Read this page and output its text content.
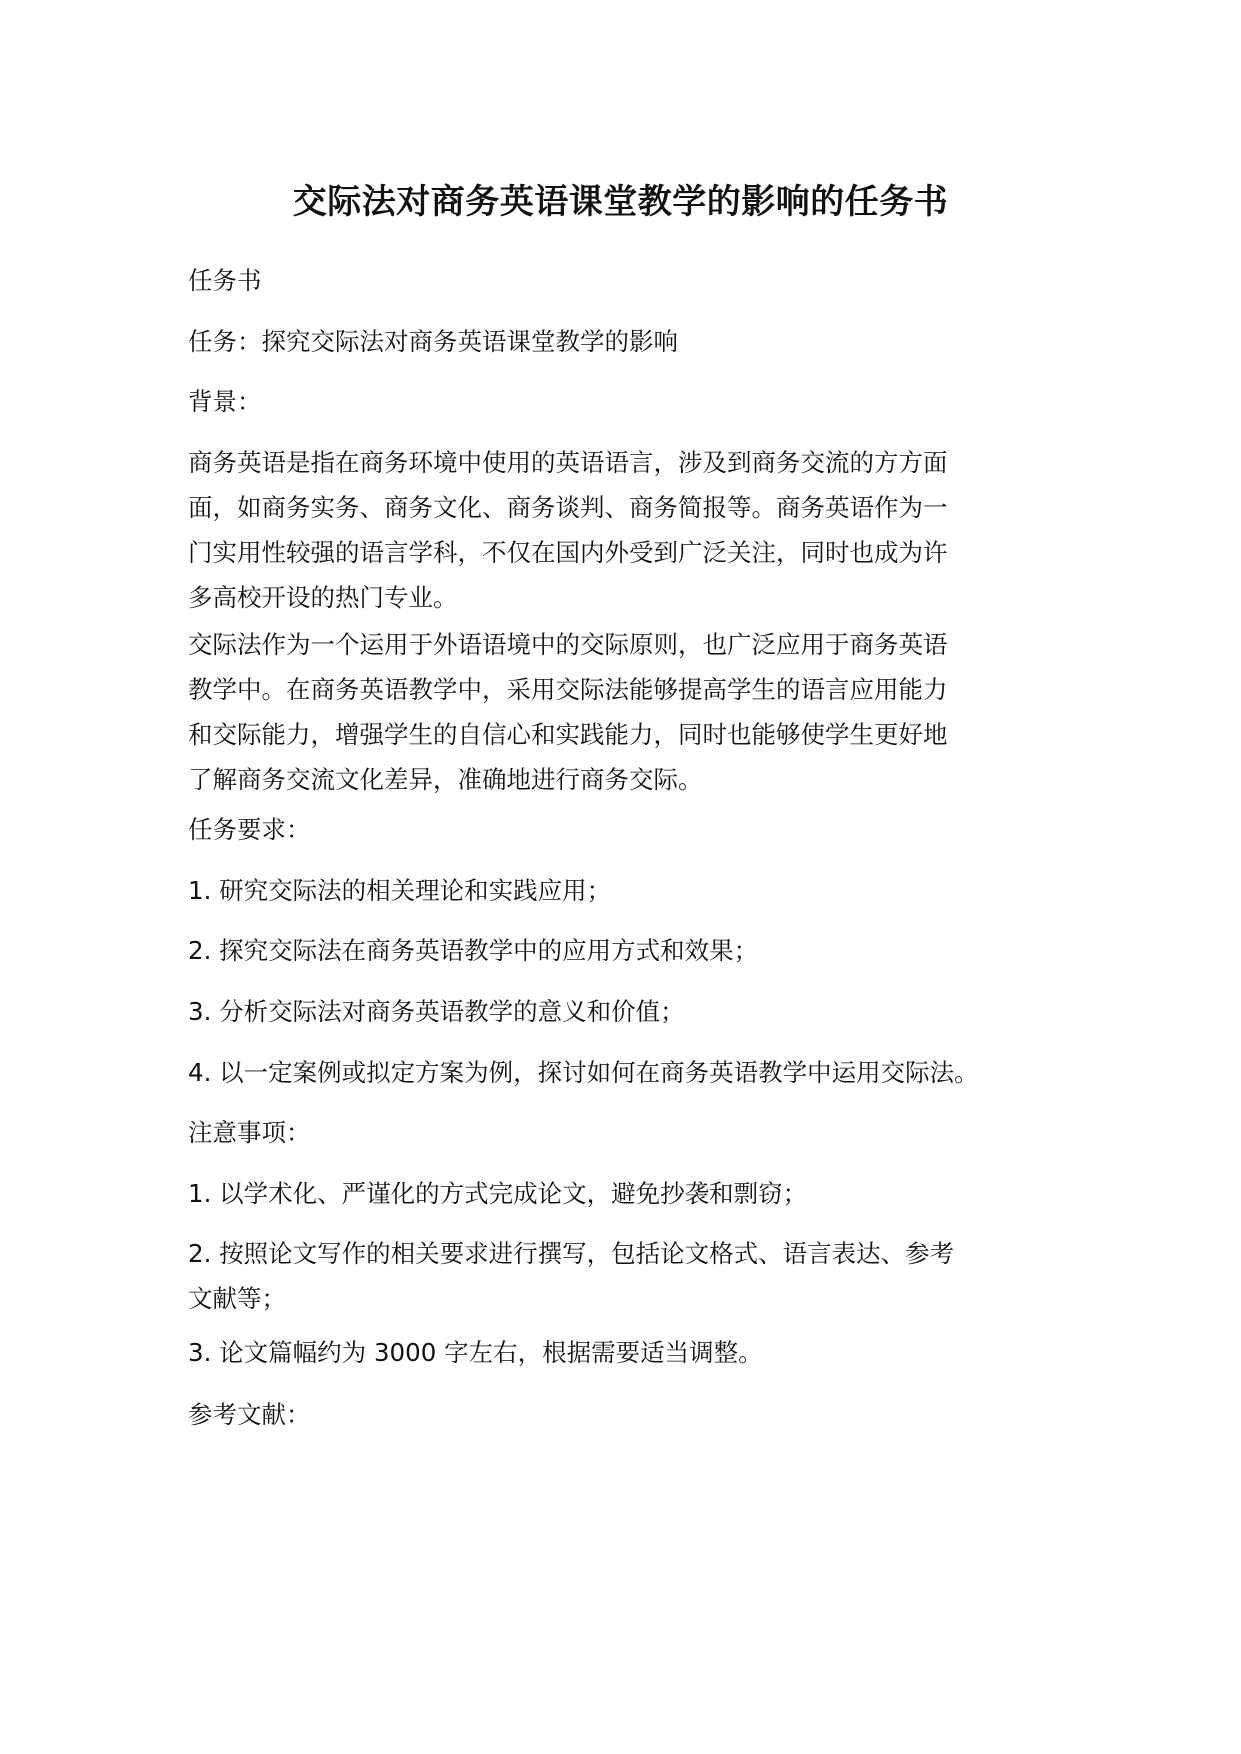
交际法对商务英语课堂教学的影响的任务书

任务书

任务：探究交际法对商务英语课堂教学的影响

背景：

商务英语是指在商务环境中使用的英语语言，涉及到商务交流的方方面
面，如商务实务、商务文化、商务谈判、商务简报等。商务英语作为一
门实用性较强的语言学科，不仅在国内外受到广泛关注，同时也成为许
多高校开设的热门专业。
交际法作为一个运用于外语语境中的交际原则，也广泛应用于商务英语
教学中。在商务英语教学中，采用交际法能够提高学生的语言应用能力
和交际能力，增强学生的自信心和实践能力，同时也能够使学生更好地
了解商务交流文化差异，准确地进行商务交际。

任务要求：

1. 研究交际法的相关理论和实践应用；

2. 探究交际法在商务英语教学中的应用方式和效果；

3. 分析交际法对商务英语教学的意义和价值；

4. 以一定案例或拟定方案为例，探讨如何在商务英语教学中运用交际法。

注意事项：

1. 以学术化、严谨化的方式完成论文，避免抄袭和剽窃；

2. 按照论文写作的相关要求进行撰写，包括论文格式、语言表达、参考
文献等；

3. 论文篇幅约为 3000 字左右，根据需要适当调整。

参考文献：
